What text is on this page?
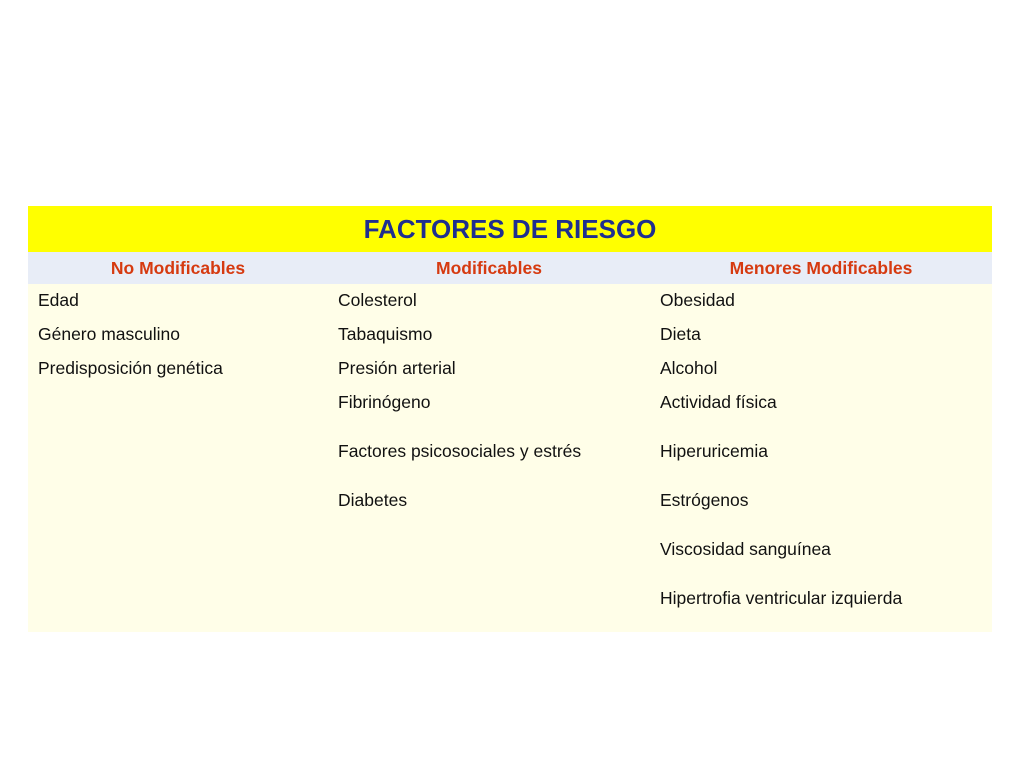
FACTORES DE RIESGO
No Modificables	Modificables	Menores Modificables
Edad
Género masculino
Predisposición genética
Colesterol
Tabaquismo
Presión arterial
Fibrinógeno
Factores psicosociales y estrés
Diabetes
Obesidad
Dieta
Alcohol
Actividad física
Hiperuricemia
Estrógenos
Viscosidad sanguínea
Hipertrofia ventricular izquierda
